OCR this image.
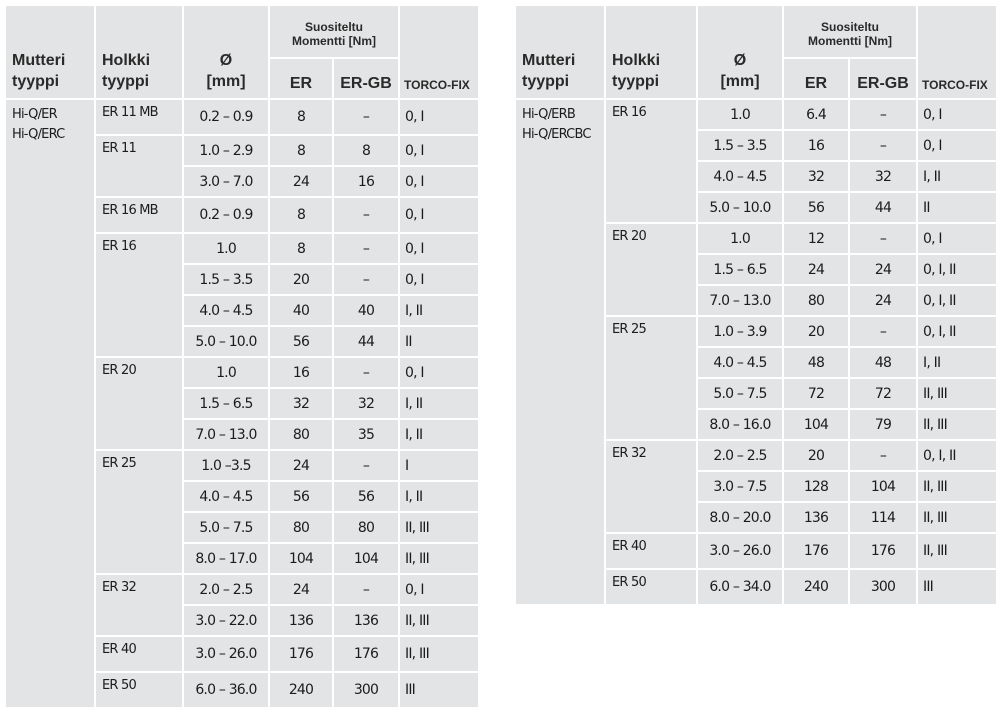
Mutteri
tyyppi	Holkki
tyyppi	Ø
[mm]	Suositeltu
Momentti [Nm]		TORCO-FIX
			ER	ER-GB	

Hi-Q/ER
Hi-Q/ERC	ER 11 MB	0.2 – 0.9	8	–	0, I
	ER 11	1.0 – 2.9	8	8	0, I
		3.0 – 7.0	24	16	0, I
	ER 16 MB	0.2 – 0.9	8	–	0, I
	ER 16	1.0	8	–	0, I
		1.5 – 3.5	20	–	0, I
		4.0 – 4.5	40	40	I, II
		5.0 – 10.0	56	44	II
	ER 20	1.0	16	–	0, I
		1.5 – 6.5	32	32	I, II
		7.0 – 13.0	80	35	I, II
	ER 25	1.0 –3.5	24	–	I
		4.0 – 4.5	56	56	I, II
		5.0 – 7.5	80	80	II, III
		8.0 – 17.0	104	104	II, III
	ER 32	2.0 – 2.5	24	–	0, I
		3.0 – 22.0	136	136	II, III
	ER 40	3.0 – 26.0	176	176	II, III
	ER 50	6.0 – 36.0	240	300	III
Mutteri
tyyppi	Holkki
tyyppi	Ø
[mm]	Suositeltu
Momentti [Nm]		TORCO-FIX
			ER	ER-GB	

Hi-Q/ERB
Hi-Q/ERCBC	ER 16	1.0	6.4	–	0, I
		1.5 – 3.5	16	–	0, I
		4.0 – 4.5	32	32	I, II
		5.0 – 10.0	56	44	II
	ER 20	1.0	12	–	0, I
		1.5 – 6.5	24	24	0, I, II
		7.0 – 13.0	80	24	0, I, II
	ER 25	1.0 – 3.9	20	–	0, I, II
		4.0 – 4.5	48	48	I, II
		5.0 – 7.5	72	72	II, III
		8.0 – 16.0	104	79	II, III
	ER 32	2.0 – 2.5	20	–	0, I, II
		3.0 – 7.5	128	104	II, III
		8.0 – 20.0	136	114	II, III
	ER 40	3.0 – 26.0	176	176	II, III
	ER 50	6.0 – 34.0	240	300	III
